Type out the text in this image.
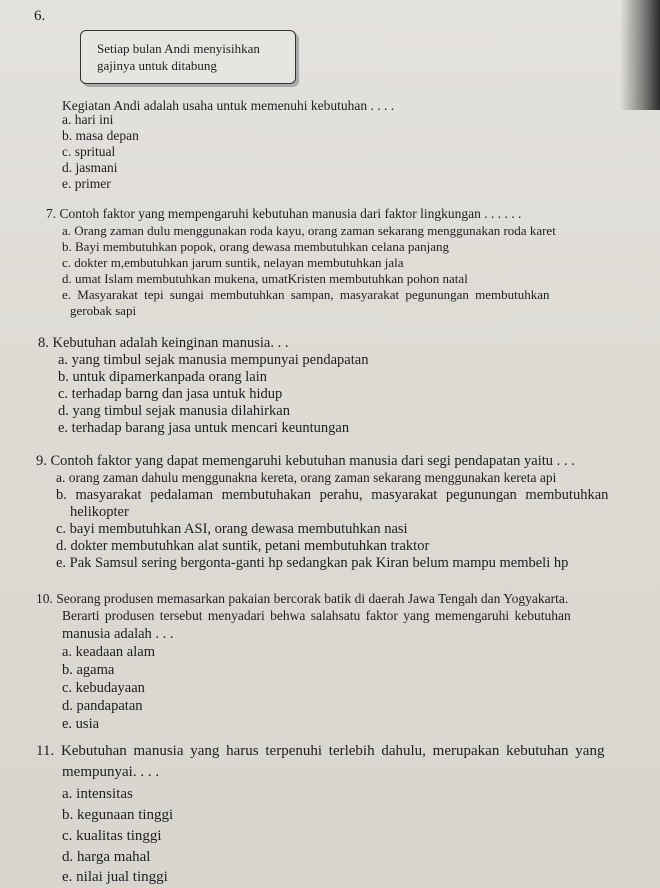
6.
Setiap bulan Andi menyisihkan
gajinya untuk ditabung
Kegiatan Andi adalah usaha untuk memenuhi kebutuhan . . . .
a. hari ini
b. masa depan
c. spritual
d. jasmani
e. primer
7. Contoh faktor yang mempengaruhi kebutuhan manusia dari faktor lingkungan . . . . . .
a. Orang zaman dulu menggunakan roda kayu, orang zaman sekarang menggunakan roda karet
b. Bayi membutuhkan popok, orang dewasa membutuhkan celana panjang
c. dokter m,embutuhkan jarum suntik, nelayan membutuhkan jala
d. umat Islam membutuhkan mukena, umatKristen membutuhkan pohon natal
e. Masyarakat tepi sungai membutuhkan sampan, masyarakat pegunungan membutuhkan
gerobak sapi
8. Kebutuhan adalah keinginan manusia. . .
a. yang timbul sejak manusia mempunyai pendapatan
b. untuk dipamerkanpada orang lain
c. terhadap barng dan jasa untuk hidup
d. yang timbul sejak manusia dilahirkan
e. terhadap barang jasa untuk mencari keuntungan
9. Contoh faktor yang dapat memengaruhi kebutuhan manusia dari segi pendapatan yaitu . . .
a. orang zaman dahulu menggunakna kereta, orang zaman sekarang menggunakan kereta api
b. masyarakat pedalaman membutuhakan perahu, masyarakat pegunungan membutuhkan
helikopter
c. bayi membutuhkan ASI, orang dewasa membutuhkan nasi
d. dokter membutuhkan alat suntik, petani membutuhkan traktor
e. Pak Samsul sering bergonta-ganti hp sedangkan pak Kiran belum mampu membeli hp
10. Seorang produsen memasarkan pakaian bercorak batik di daerah Jawa Tengah dan Yogyakarta.
Berarti produsen tersebut menyadari behwa salahsatu faktor yang memengaruhi kebutuhan
manusia adalah . . .
a. keadaan alam
b. agama
c. kebudayaan
d. pandapatan
e. usia
11. Kebutuhan manusia yang harus terpenuhi terlebih dahulu, merupakan kebutuhan yang
mempunyai. . . .
a. intensitas
b. kegunaan tinggi
c. kualitas tinggi
d. harga mahal
e. nilai jual tinggi
